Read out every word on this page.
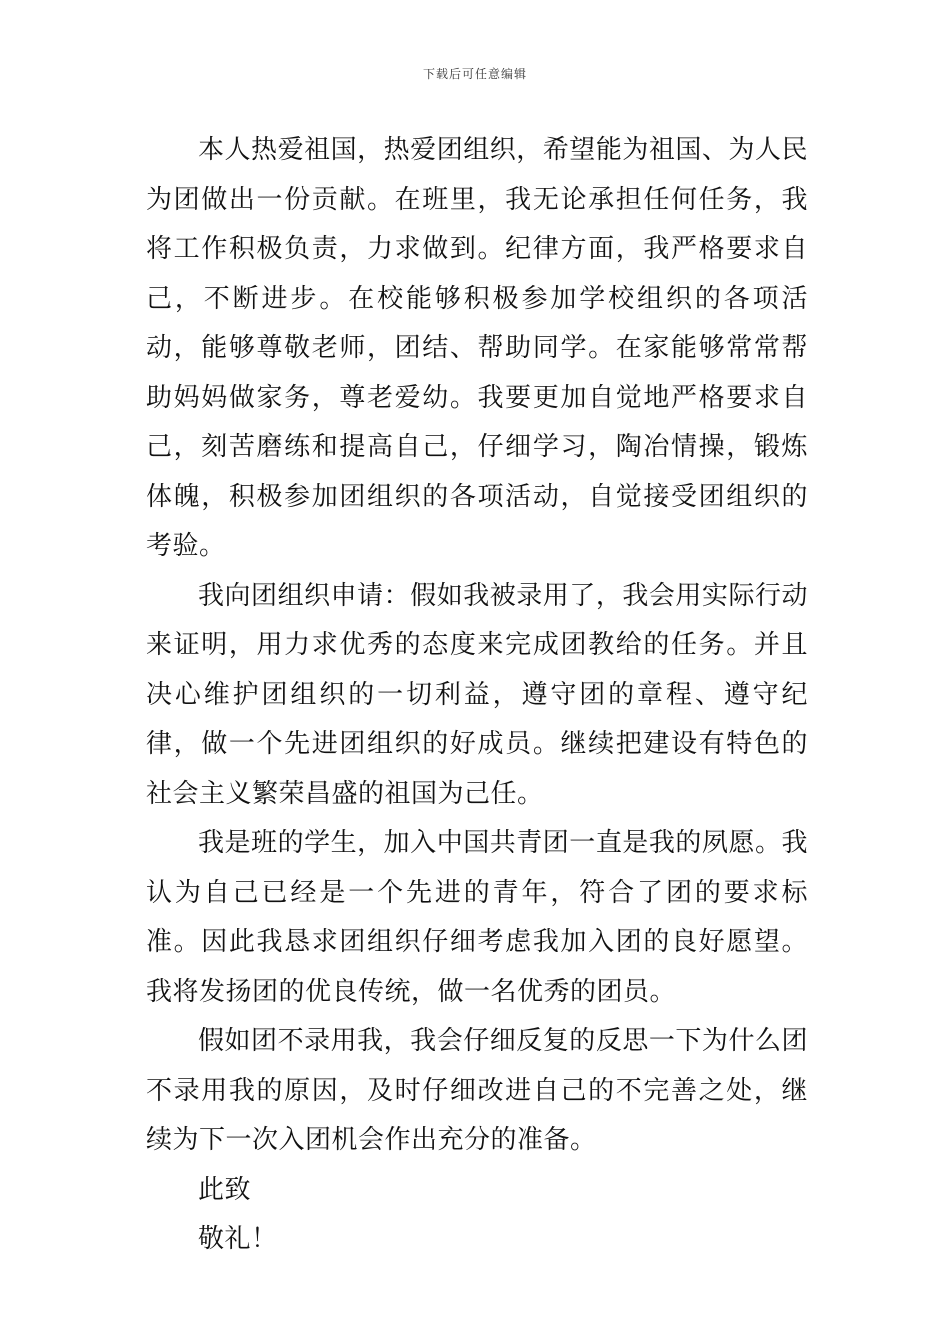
下载后可任意编辑

本人热爱祖国，热爱团组织，希望能为祖国、为人民为团做出一份贡献。在班里，我无论承担任何任务，我将工作积极负责，力求做到。纪律方面，我严格要求自己，不断进步。在校能够积极参加学校组织的各项活动，能够尊敬老师，团结、帮助同学。在家能够常常帮助妈妈做家务，尊老爱幼。我要更加自觉地严格要求自己，刻苦磨练和提高自己，仔细学习，陶冶情操，锻炼体魄，积极参加团组织的各项活动，自觉接受团组织的考验。

我向团组织申请：假如我被录用了，我会用实际行动来证明，用力求优秀的态度来完成团教给的任务。并且决心维护团组织的一切利益，遵守团的章程、遵守纪律，做一个先进团组织的好成员。继续把建设有特色的社会主义繁荣昌盛的祖国为己任。

我是班的学生，加入中国共青团一直是我的夙愿。我认为自己已经是一个先进的青年，符合了团的要求标准。因此我恳求团组织仔细考虑我加入团的良好愿望。我将发扬团的优良传统，做一名优秀的团员。

假如团不录用我，我会仔细反复的反思一下为什么团不录用我的原因，及时仔细改进自己的不完善之处，继续为下一次入团机会作出充分的准备。

此致

敬礼！
